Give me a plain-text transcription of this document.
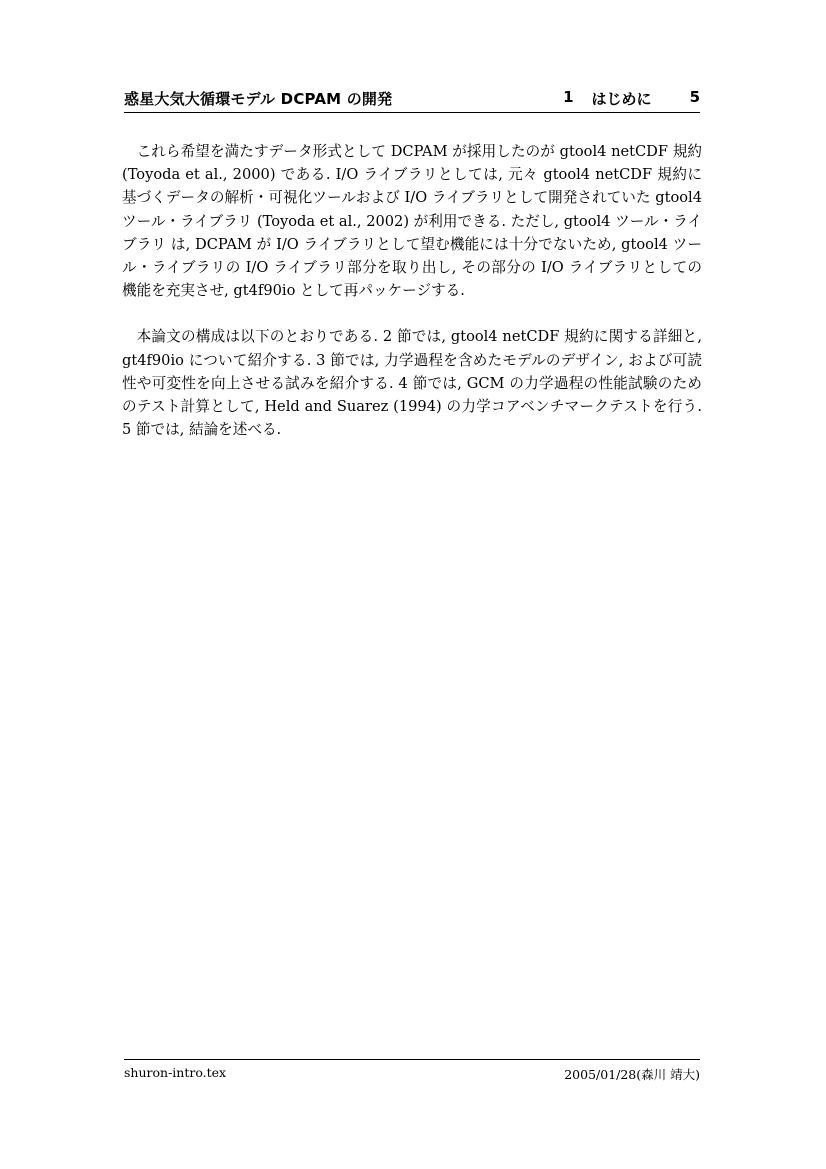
惑星大気大循環モデル DCPAM の開発	1 はじめに	5

これら希望を満たすデータ形式として DCPAM が採用したのが gtool4 netCDF 規約 (Toyoda et al., 2000) である. I/O ライブラリとしては, 元々 gtool4 netCDF 規約に基づくデータの解析・可視化ツールおよび I/O ライブラリとして開発されていた gtool4 ツール・ライブラリ (Toyoda et al., 2002) が利用できる. ただし, gtool4 ツール・ライブラリ は, DCPAM が I/O ライブラリとして望む機能には十分でないため, gtool4 ツール・ライブラリの I/O ライブラリ部分を取り出し, その部分の I/O ライブラリとしての機能を充実させ, gt4f90io として再パッケージする.

本論文の構成は以下のとおりである. 2 節では, gtool4 netCDF 規約に関する詳細と, gt4f90io について紹介する. 3 節では, 力学過程を含めたモデルのデザイン, および可読性や可変性を向上させる試みを紹介する. 4 節では, GCM の力学過程の性能試験のためのテスト計算として, Held and Suarez (1994) の力学コアベンチマークテストを行う. 5 節では, 結論を述べる.

shuron-intro.tex	2005/01/28(森川 靖大)
